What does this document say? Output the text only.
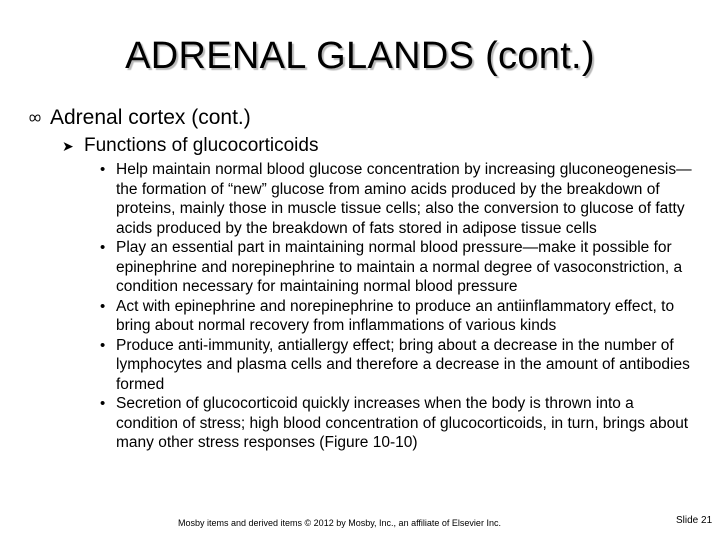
ADRENAL GLANDS (cont.)
Adrenal cortex (cont.)
➤ Functions of glucocorticoids
• Help maintain normal blood glucose concentration by increasing gluconeogenesis—the formation of “new” glucose from amino acids produced by the breakdown of proteins, mainly those in muscle tissue cells; also the conversion to glucose of fatty acids produced by the breakdown of fats stored in adipose tissue cells
• Play an essential part in maintaining normal blood pressure—make it possible for epinephrine and norepinephrine to maintain a normal degree of vasoconstriction, a condition necessary for maintaining normal blood pressure
• Act with epinephrine and norepinephrine to produce an antiinflammatory effect, to bring about normal recovery from inflammations of various kinds
• Produce anti-immunity, antiallergy effect; bring about a decrease in the number of lymphocytes and plasma cells and therefore a decrease in the amount of antibodies formed
• Secretion of glucocorticoid quickly increases when the body is thrown into a condition of stress; high blood concentration of glucocorticoids, in turn, brings about many other stress responses (Figure 10-10)
Mosby items and derived items © 2012 by Mosby, Inc., an affiliate of Elsevier Inc.	Slide 21
